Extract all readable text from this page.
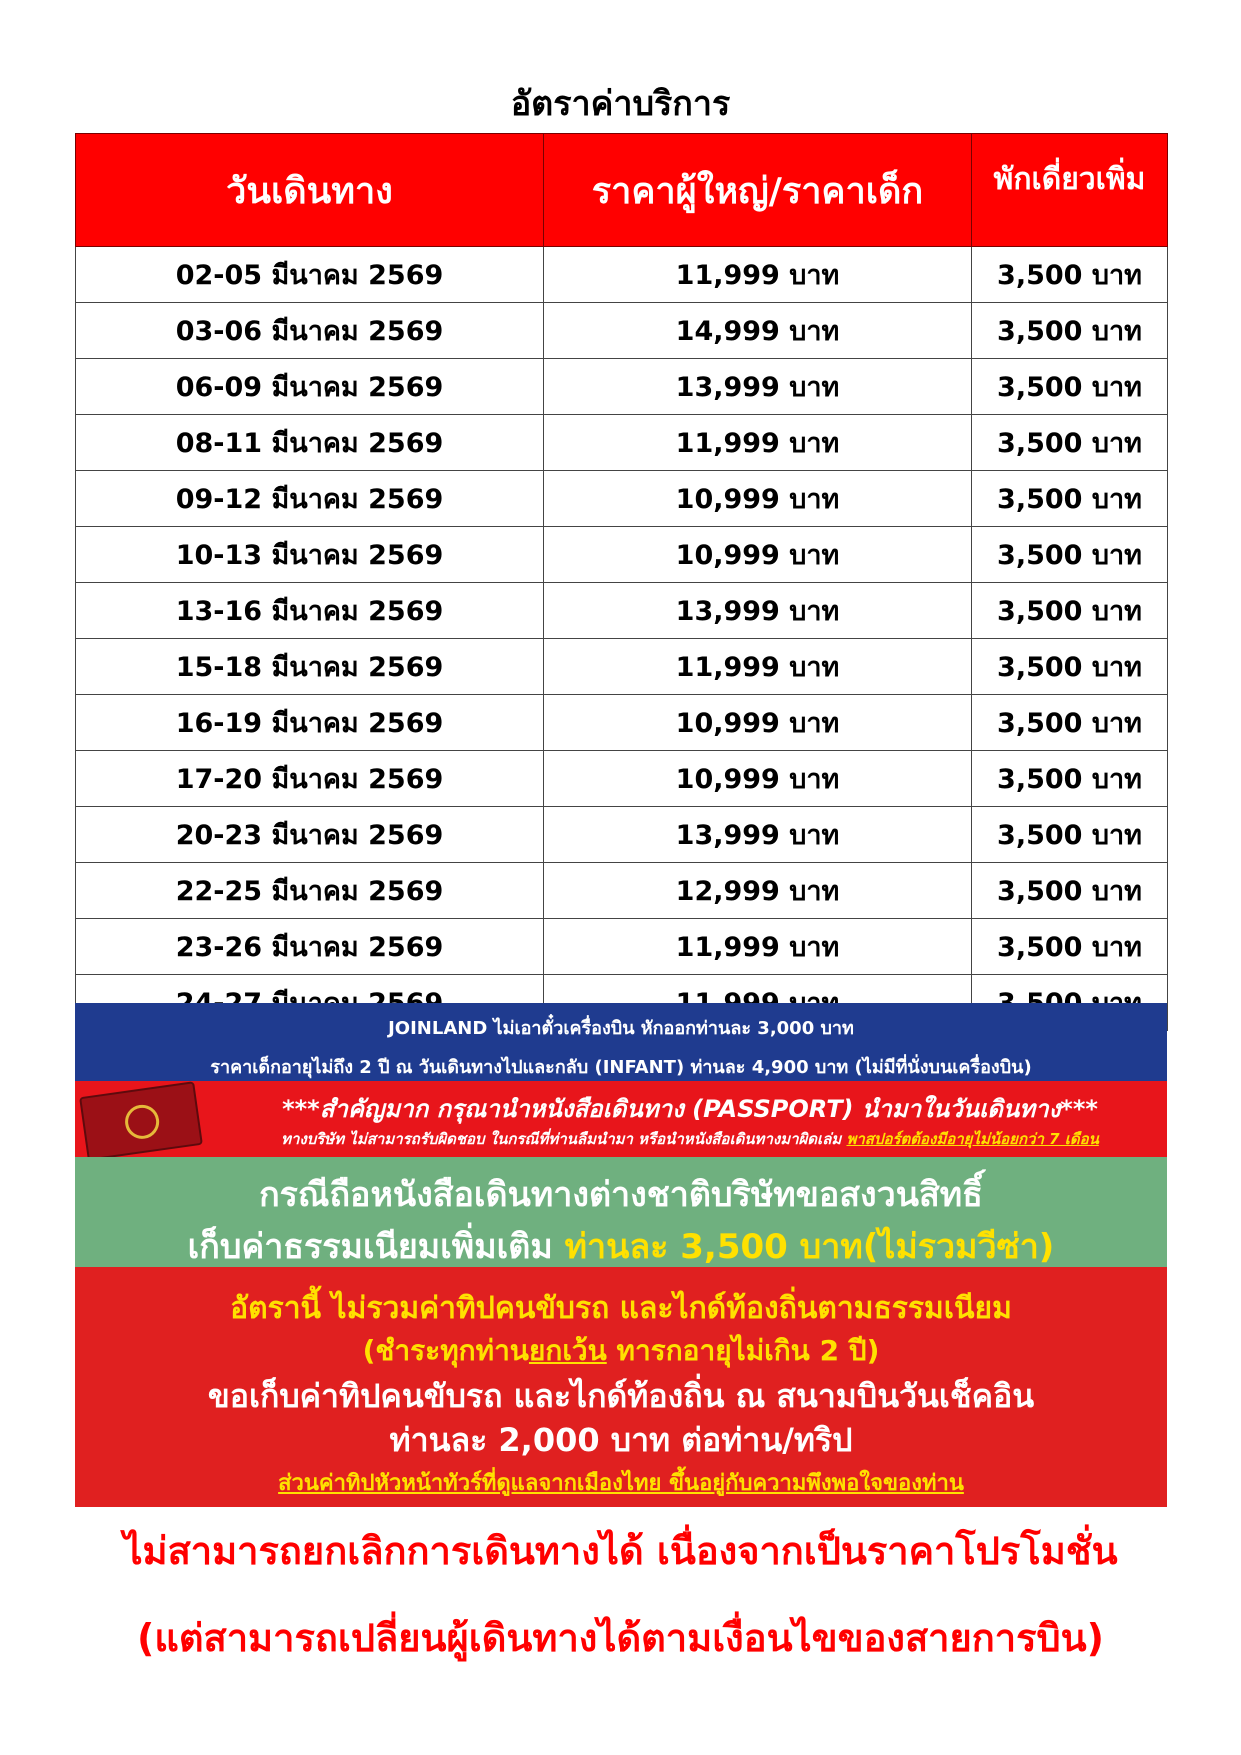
อัตราค่าบริการ
วันเดินทาง	ราคาผู้ใหญ่/ราคาเด็ก	พักเดี่ยวเพิ่ม
02-05 มีนาคม 2569	11,999 บาท	3,500 บาท
03-06 มีนาคม 2569	14,999 บาท	3,500 บาท
06-09 มีนาคม 2569	13,999 บาท	3,500 บาท
08-11 มีนาคม 2569	11,999 บาท	3,500 บาท
09-12 มีนาคม 2569	10,999 บาท	3,500 บาท
10-13 มีนาคม 2569	10,999 บาท	3,500 บาท
13-16 มีนาคม 2569	13,999 บาท	3,500 บาท
15-18 มีนาคม 2569	11,999 บาท	3,500 บาท
16-19 มีนาคม 2569	10,999 บาท	3,500 บาท
17-20 มีนาคม 2569	10,999 บาท	3,500 บาท
20-23 มีนาคม 2569	13,999 บาท	3,500 บาท
22-25 มีนาคม 2569	12,999 บาท	3,500 บาท
23-26 มีนาคม 2569	11,999 บาท	3,500 บาท

JOINLAND ไม่เอาตั๋วเครื่องบิน หักออกท่านละ 3,000 บาท
ราคาเด็กอายุไม่ถึง 2 ปี ณ วันเดินทางไปและกลับ (INFANT) ท่านละ 4,900 บาท (ไม่มีที่นั่งบนเครื่องบิน)
***สำคัญมาก กรุณานำหนังสือเดินทาง (PASSPORT) นำมาในวันเดินทาง***
ทางบริษัท ไม่สามารถรับผิดชอบ ในกรณีที่ท่านลืมนำมา หรือนำหนังสือเดินทางมาผิดเล่ม พาสปอร์ตต้องมีอายุไม่น้อยกว่า 7 เดือน
กรณีถือหนังสือเดินทางต่างชาติบริษัทขอสงวนสิทธิ์
เก็บค่าธรรมเนียมเพิ่มเติม ท่านละ 3,500 บาท(ไม่รวมวีซ่า)
อัตรานี้ ไม่รวมค่าทิปคนขับรถ และไกด์ท้องถิ่นตามธรรมเนียม
(ชำระทุกท่านยกเว้น ทารกอายุไม่เกิน 2 ปี)
ขอเก็บค่าทิปคนขับรถ และไกด์ท้องถิ่น ณ สนามบินวันเช็คอิน
ท่านละ 2,000 บาท ต่อท่าน/ทริป
ส่วนค่าทิปหัวหน้าทัวร์ที่ดูแลจากเมืองไทย ขึ้นอยู่กับความพึงพอใจของท่าน
ไม่สามารถยกเลิกการเดินทางได้ เนื่องจากเป็นราคาโปรโมชั่น
(แต่สามารถเปลี่ยนผู้เดินทางได้ตามเงื่อนไขของสายการบิน)
